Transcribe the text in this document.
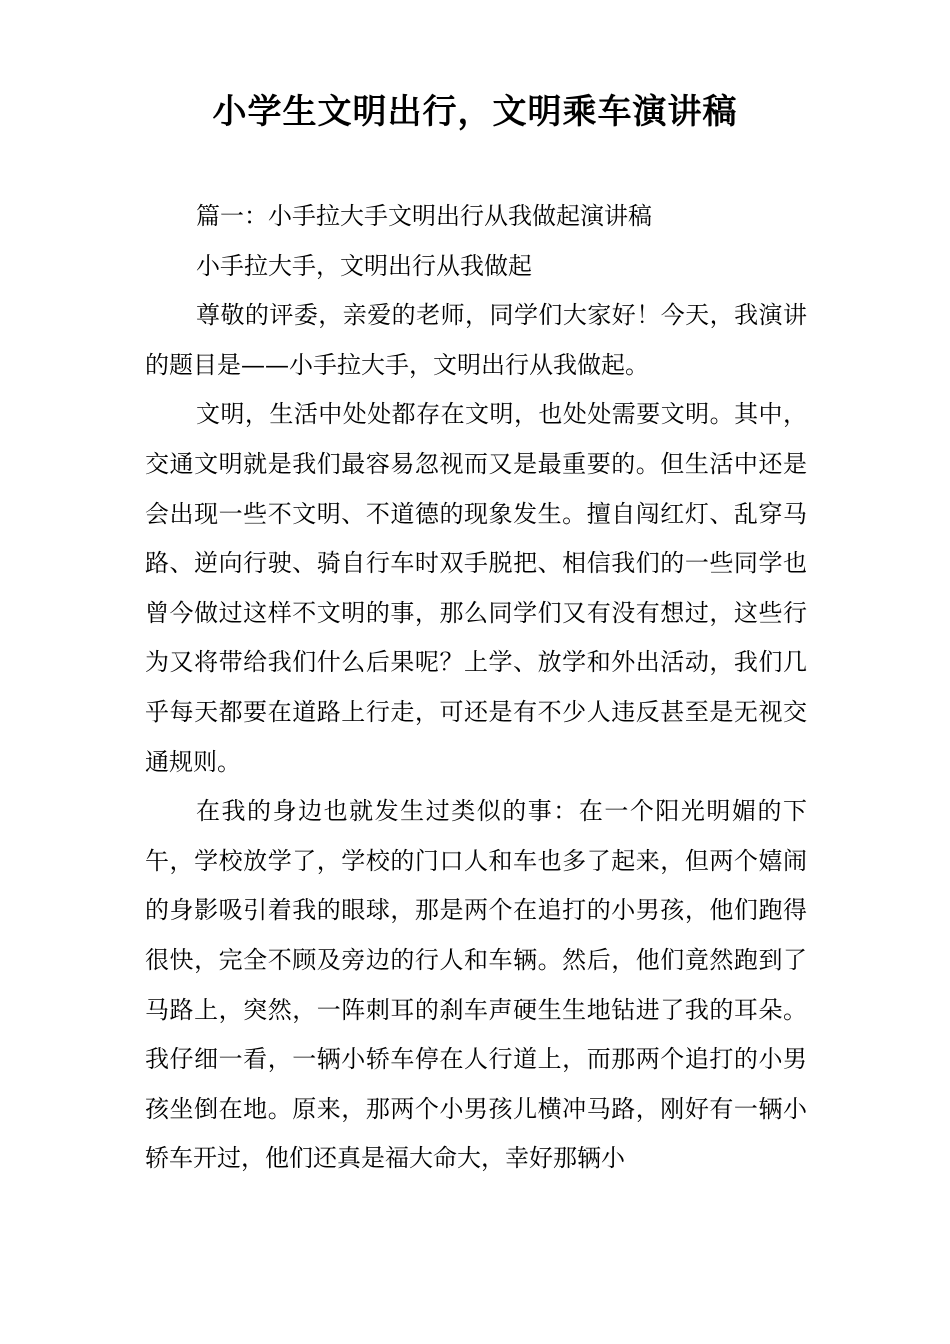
小学生文明出行，文明乘车演讲稿

篇一：小手拉大手文明出行从我做起演讲稿

小手拉大手，文明出行从我做起

尊敬的评委，亲爱的老师，同学们大家好！今天，我演讲的题目是——小手拉大手，文明出行从我做起。

文明，生活中处处都存在文明，也处处需要文明。其中，交通文明就是我们最容易忽视而又是最重要的。但生活中还是会出现一些不文明、不道德的现象发生。擅自闯红灯、乱穿马路、逆向行驶、骑自行车时双手脱把、相信我们的一些同学也曾今做过这样不文明的事，那么同学们又有没有想过，这些行为又将带给我们什么后果呢？上学、放学和外出活动，我们几乎每天都要在道路上行走，可还是有不少人违反甚至是无视交通规则。

在我的身边也就发生过类似的事：在一个阳光明媚的下午，学校放学了，学校的门口人和车也多了起来，但两个嬉闹的身影吸引着我的眼球，那是两个在追打的小男孩，他们跑得很快，完全不顾及旁边的行人和车辆。然后，他们竟然跑到了马路上，突然，一阵刺耳的刹车声硬生生地钻进了我的耳朵。我仔细一看，一辆小轿车停在人行道上，而那两个追打的小男孩坐倒在地。原来，那两个小男孩儿横冲马路，刚好有一辆小轿车开过，他们还真是福大命大，幸好那辆小
